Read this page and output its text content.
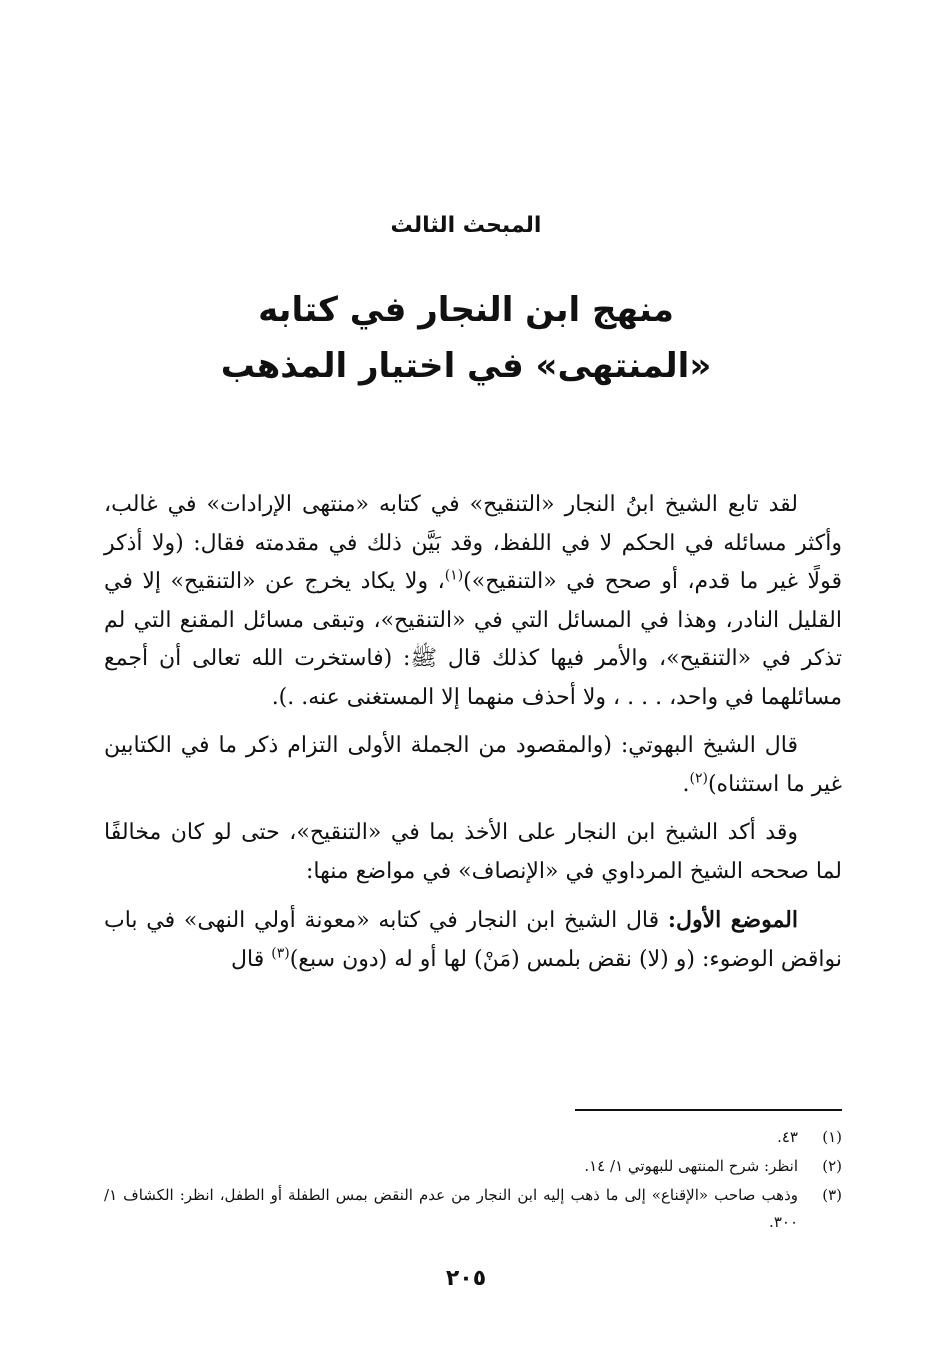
المبحث الثالث
منهج ابن النجار في كتابه
«المنتهى» في اختيار المذهب

لقد تابع الشيخ ابنُ النجار «التنقيح» في كتابه «منتهى الإرادات» في غالب، وأكثر مسائله في الحكم لا في اللفظ، وقد بَيَّن ذلك في مقدمته فقال: (ولا أذكر قولًا غير ما قدم، أو صحح في «التنقيح»)$^{(١)}$، ولا يكاد يخرج عن «التنقيح» إلا في القليل النادر، وهذا في المسائل التي في «التنقيح»، وتبقى مسائل المقنع التي لم تذكر في «التنقيح»، والأمر فيها كذلك قال ﷺ: (فاستخرت الله تعالى أن أجمع مسائلهما في واحد، . . . ، ولا أحذف منهما إلا المستغنى عنه. .).

قال الشيخ البهوتي: (والمقصود من الجملة الأولى التزام ذكر ما في الكتابين غير ما استثناه)$^{(٢)}$.

وقد أكد الشيخ ابن النجار على الأخذ بما في «التنقيح»، حتى لو كان مخالفًا لما صححه الشيخ المرداوي في «الإنصاف» في مواضع منها:

الموضع الأول: قال الشيخ ابن النجار في كتابه «معونة أولي النهى» في باب نواقض الوضوء: (و (لا) نقض بلمس (مَنْ) لها أو له (دون سبع)$^{(٣)}$ قال

(١)
٤٣.
(٢)
انظر: شرح المنتهى للبهوتي ١/ ١٤.
(٣)
وذهب صاحب «الإقناع» إلى ما ذهب إليه ابن النجار من عدم النقض بمس الطفلة أو الطفل، انظر: الكشاف ١/ ٣٠٠.
٢٠٥
